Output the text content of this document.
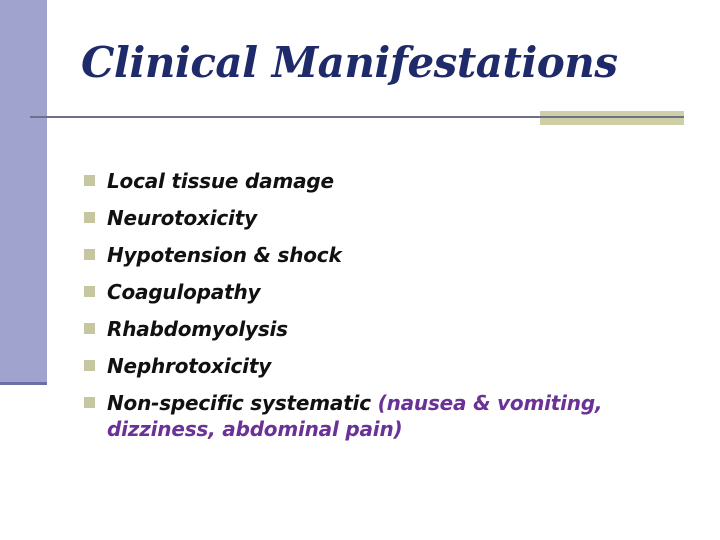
Clinical Manifestations
Local tissue damage
Neurotoxicity
Hypotension & shock
Coagulopathy
Rhabdomyolysis
Nephrotoxicity
Non-specific systematic (nausea & vomiting, dizziness, abdominal pain)
